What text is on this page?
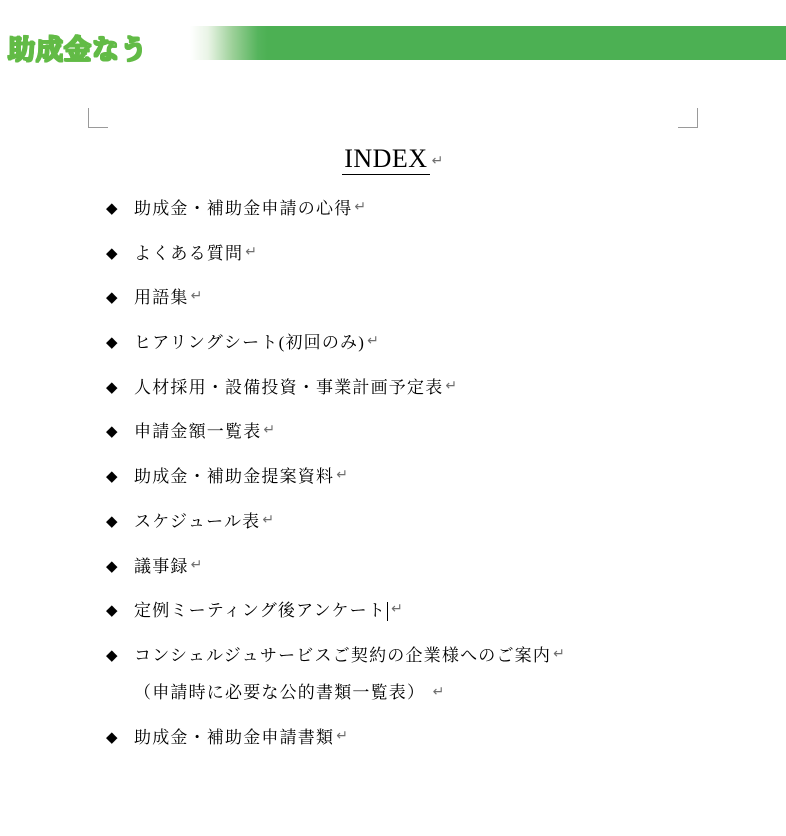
助成金なう
INDEX ↵
◆ 助成金・補助金申請の心得 ↵
◆ よくある質問 ↵
◆ 用語集 ↵
◆ ヒアリングシート(初回のみ) ↵
◆ 人材採用・設備投資・事業計画予定表 ↵
◆ 申請金額一覧表 ↵
◆ 助成金・補助金提案資料 ↵
◆ スケジュール表 ↵
◆ 議事録 ↵
◆ 定例ミーティング後アンケート ↵
◆ コンシェルジュサービスご契約の企業様へのご案内 ↵
（申請時に必要な公的書類一覧表） ↵
◆ 助成金・補助金申請書類 ↵
